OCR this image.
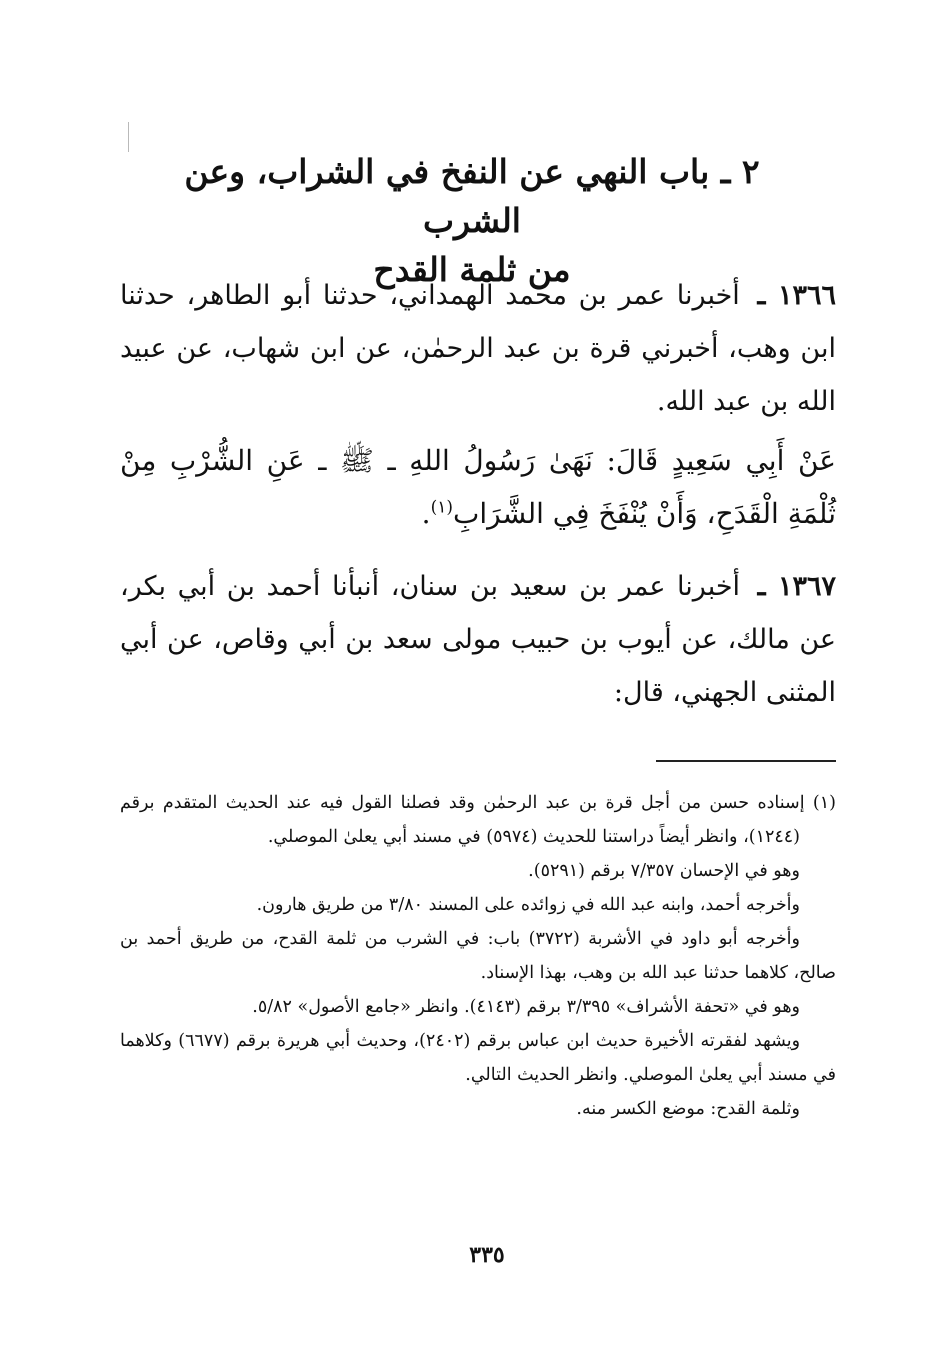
٢ ـ باب النهي عن النفخ في الشراب، وعن الشرب
من ثلمة القدح

١٣٦٦ ـ أخبرنا عمر بن محمد الهمداني، حدثنا أبو الطاهر، حدثنا ابن وهب، أخبرني قرة بن عبد الرحمٰن، عن ابن شهاب، عن عبيد الله بن عبد الله.

عَنْ أَبِي سَعِيدٍ قَالَ: نَهَىٰ رَسُولُ اللهِ ـ ﷺ ـ عَنِ الشُّرْبِ مِنْ ثُلْمَةِ الْقَدَحِ، وَأَنْ يُنْفَخَ فِي الشَّرَابِ$^{(١)}$.

١٣٦٧ ـ أخبرنا عمر بن سعيد بن سنان، أنبأنا أحمد بن أبي بكر، عن مالك، عن أيوب بن حبيب مولى سعد بن أبي وقاص، عن أبي المثنى الجهني، قال:

(١) إسناده حسن من أجل قرة بن عبد الرحمٰن وقد فصلنا القول فيه عند الحديث المتقدم برقم (١٢٤٤)، وانظر أيضاً دراستنا للحديث (٥٩٧٤) في مسند أبي يعلىٰ الموصلي.

وهو في الإحسان ٧/٣٥٧ برقم (٥٢٩١).

وأخرجه أحمد، وابنه عبد الله في زوائده على المسند ٣/٨٠ من طريق هارون.

وأخرجه أبو داود في الأشربة (٣٧٢٢) باب: في الشرب من ثلمة القدح، من طريق أحمد بن صالح، كلاهما حدثنا عبد الله بن وهب، بهذا الإسناد.

وهو في «تحفة الأشراف» ٣/٣٩٥ برقم (٤١٤٣). وانظر «جامع الأصول» ٥/٨٢.

ويشهد لفقرته الأخيرة حديث ابن عباس برقم (٢٤٠٢)، وحديث أبي هريرة برقم (٦٦٧٧) وكلاهما في مسند أبي يعلىٰ الموصلي. وانظر الحديث التالي.

وثلمة القدح: موضع الكسر منه.

٣٣٥
